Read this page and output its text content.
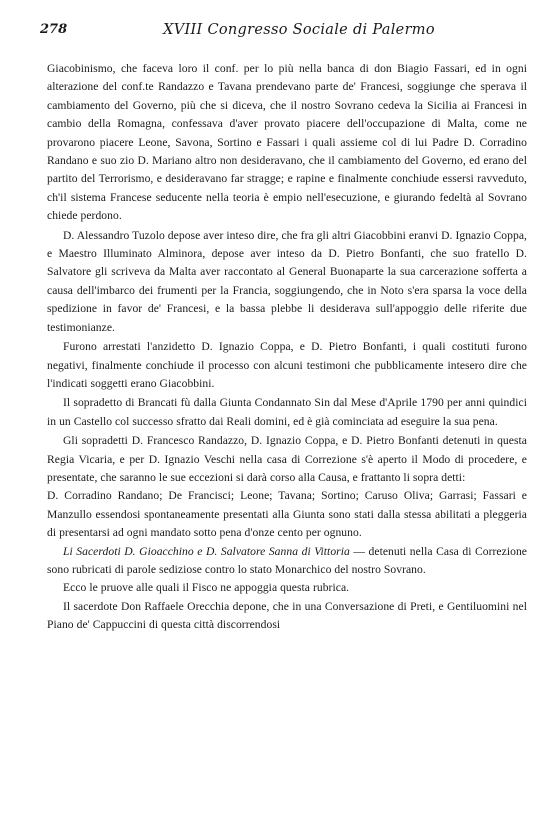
278	XVIII Congresso Sociale di Palermo

Giacobinismo, che faceva loro il conf. per lo più nella banca di don Biagio Fassari, ed in ogni alterazione del conf.te Randazzo e Tavana prendevano parte de' Francesi, soggiunge che sperava il cambiamento del Governo, più che si diceva, che il nostro Sovrano cedeva la Sicilia ai Francesi in cambio della Romagna, confessava d'aver provato piacere dell'occupazione di Malta, come ne provarono piacere Leone, Savona, Sortino e Fassari i quali assieme col di lui Padre D. Corradino Randano e suo zio D. Mariano altro non desideravano, che il cambiamento del Governo, ed erano del partito del Terrorismo, e desideravano far stragge; e rapine e finalmente conchiude essersi ravveduto, ch'il sistema Francese seducente nella teoria è empio nell'esecuzione, e giurando fedeltà al Sovrano chiede perdono.

D. Alessandro Tuzolo depose aver inteso dire, che fra gli altri Giacobbini eranvi D. Ignazio Coppa, e Maestro Illuminato Alminora, depose aver inteso da D. Pietro Bonfanti, che suo fratello D. Salvatore gli scriveva da Malta aver raccontato al General Buonaparte la sua carcerazione sofferta a causa dell'imbarco dei frumenti per la Francia, soggiungendo, che in Noto s'era sparsa la voce della spedizione in favor de' Francesi, e la bassa plebbe li desiderava sull'appoggio delle riferite due testimonianze.

Furono arrestati l'anzidetto D. Ignazio Coppa, e D. Pietro Bonfanti, i quali costituti furono negativi, finalmente conchiude il processo con alcuni testimoni che pubblicamente intesero dire che l'indicati soggetti erano Giacobbini.

Il sopradetto di Brancati fù dalla Giunta Condannato Sin dal Mese d'Aprile 1790 per anni quindici in un Castello col successo sfratto dai Reali domini, ed è già cominciata ad eseguire la sua pena.

Gli sopradetti D. Francesco Randazzo, D. Ignazio Coppa, e D. Pietro Bonfanti detenuti in questa Regia Vicaria, e per D. Ignazio Veschi nella casa di Correzione s'è aperto il Modo di procedere, e presentate, che saranno le sue eccezioni si darà corso alla Causa, e frattanto li sopra detti:

D. Corradino Randano; De Francisci; Leone; Tavana; Sortino; Caruso Oliva; Garrasi; Fassari e Manzullo essendosi spontaneamente presentati alla Giunta sono stati dalla stessa abilitati a pleggeria di presentarsi ad ogni mandato sotto pena d'onze cento per ognuno.

Li Sacerdoti D. Gioacchino e D. Salvatore Sanna di Vittoria — detenuti nella Casa di Correzione sono rubricati di parole sediziose contro lo stato Monarchico del nostro Sovrano.

Ecco le pruove alle quali il Fisco ne appoggia questa rubrica.

Il sacerdote Don Raffaele Orecchia depone, che in una Conversazione di Preti, e Gentiluomini nel Piano de' Cappuccini di questa città discorrendosi
